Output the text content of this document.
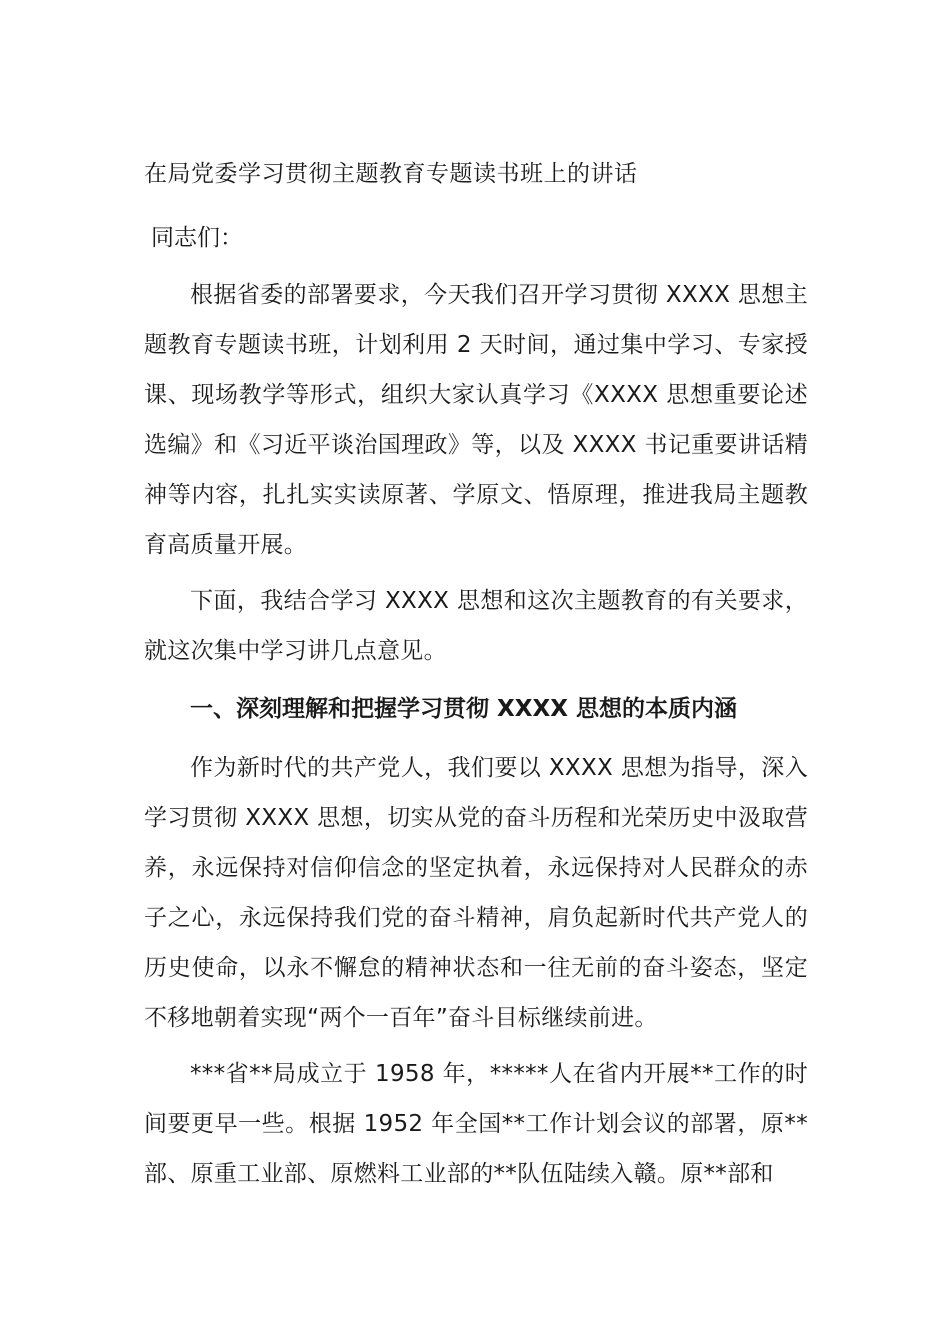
在局党委学习贯彻主题教育专题读书班上的讲话
同志们：

根据省委的部署要求，今天我们召开学习贯彻 XXXX 思想主题教育专题读书班，计划利用 2 天时间，通过集中学习、专家授课、现场教学等形式，组织大家认真学习《XXXX 思想重要论述选编》和《习近平谈治国理政》等，以及 XXXX 书记重要讲话精神等内容，扎扎实实读原著、学原文、悟原理，推进我局主题教育高质量开展。

下面，我结合学习 XXXX 思想和这次主题教育的有关要求，就这次集中学习讲几点意见。

一、深刻理解和把握学习贯彻 XXXX 思想的本质内涵

作为新时代的共产党人，我们要以 XXXX 思想为指导，深入学习贯彻 XXXX 思想，切实从党的奋斗历程和光荣历史中汲取营养，永远保持对信仰信念的坚定执着，永远保持对人民群众的赤子之心，永远保持我们党的奋斗精神，肩负起新时代共产党人的历史使命，以永不懈怠的精神状态和一往无前的奋斗姿态，坚定不移地朝着实现“两个一百年”奋斗目标继续前进。

***省**局成立于 1958 年，*****人在省内开展**工作的时间要更早一些。根据 1952 年全国**工作计划会议的部署，原**部、原重工业部、原燃料工业部的**队伍陆续入赣。原**部和
